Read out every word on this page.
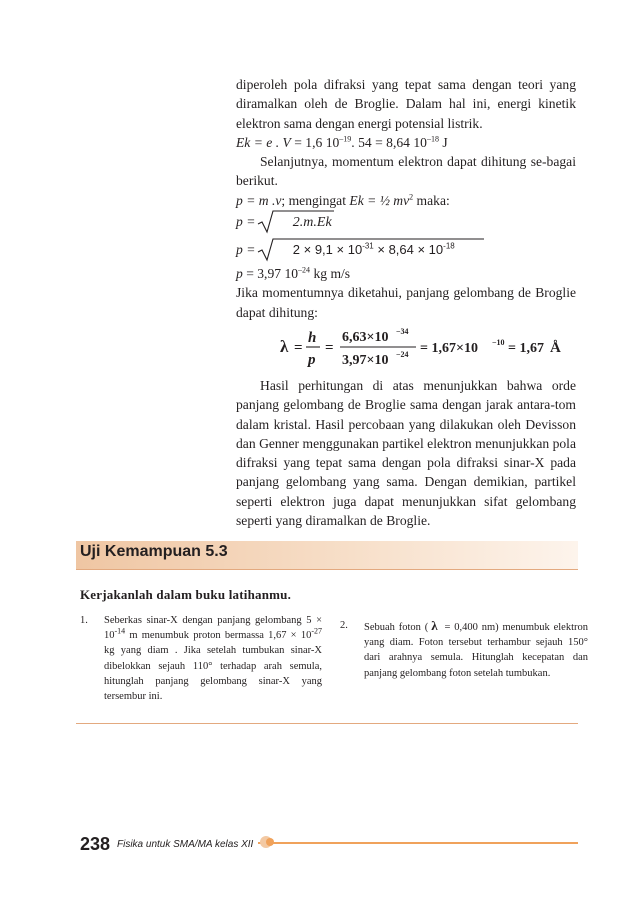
diperoleh pola difraksi yang tepat sama dengan teori yang diramalkan oleh de Broglie. Dalam hal ini, energi kinetik elektron sama dengan energi potensial listrik.

Ek = e . V = 1,6 $10^{-19}$. 54 = 8,64 $10^{-18}$ J

Selanjutnya, momentum elektron dapat dihitung se-bagai berikut.

p = m .v; mengingat Ek = ½ $mv^2$ maka:
p =	2.m.Ek
p =	$2 \times 9,1 \times 10^{-31} \times 8,64 \times 10^{-18}$
p = 3,97 $10^{-24}$ kg m/s

Jika momentumnya diketahui, panjang gelombang de Broglie dapat dihitung:

λ =
h
p
=
6,63×10 −34
3,97×10 −24 = 1,67×10 −10 = 1,67 Å

Hasil perhitungan di atas menunjukkan bahwa orde panjang gelombang de Broglie sama dengan jarak antara-tom dalam kristal. Hasil percobaan yang dilakukan oleh Devisson dan Genner menggunakan partikel elektron menunjukkan pola difraksi yang tepat sama dengan pola difraksi sinar-X pada panjang gelombang yang sama. Dengan demikian, partikel seperti elektron juga dapat menunjukkan sifat gelombang seperti yang diramalkan de Broglie.

Uji Kemampuan 5.3
Kerjakanlah dalam buku latihanmu.
1. Seberkas sinar-X dengan panjang gelombang $5 \times 10^{-14}$ m menumbuk proton bermassa $1,67 \times 10^{-27}$ kg yang diam . Jika setelah tumbukan sinar-X dibelokkan sejauh 110° terhadap arah semula, hitunglah panjang gelombang sinar-X yang tersembur ini.
2. Sebuah foton ( λ = 0,400 nm) menumbuk elektron yang diam. Foton tersebut terhambur sejauh 150° dari arahnya semula. Hitunglah kecepatan dan panjang gelombang foton setelah tumbukan.
238 Fisika untuk SMA/MA kelas XII
